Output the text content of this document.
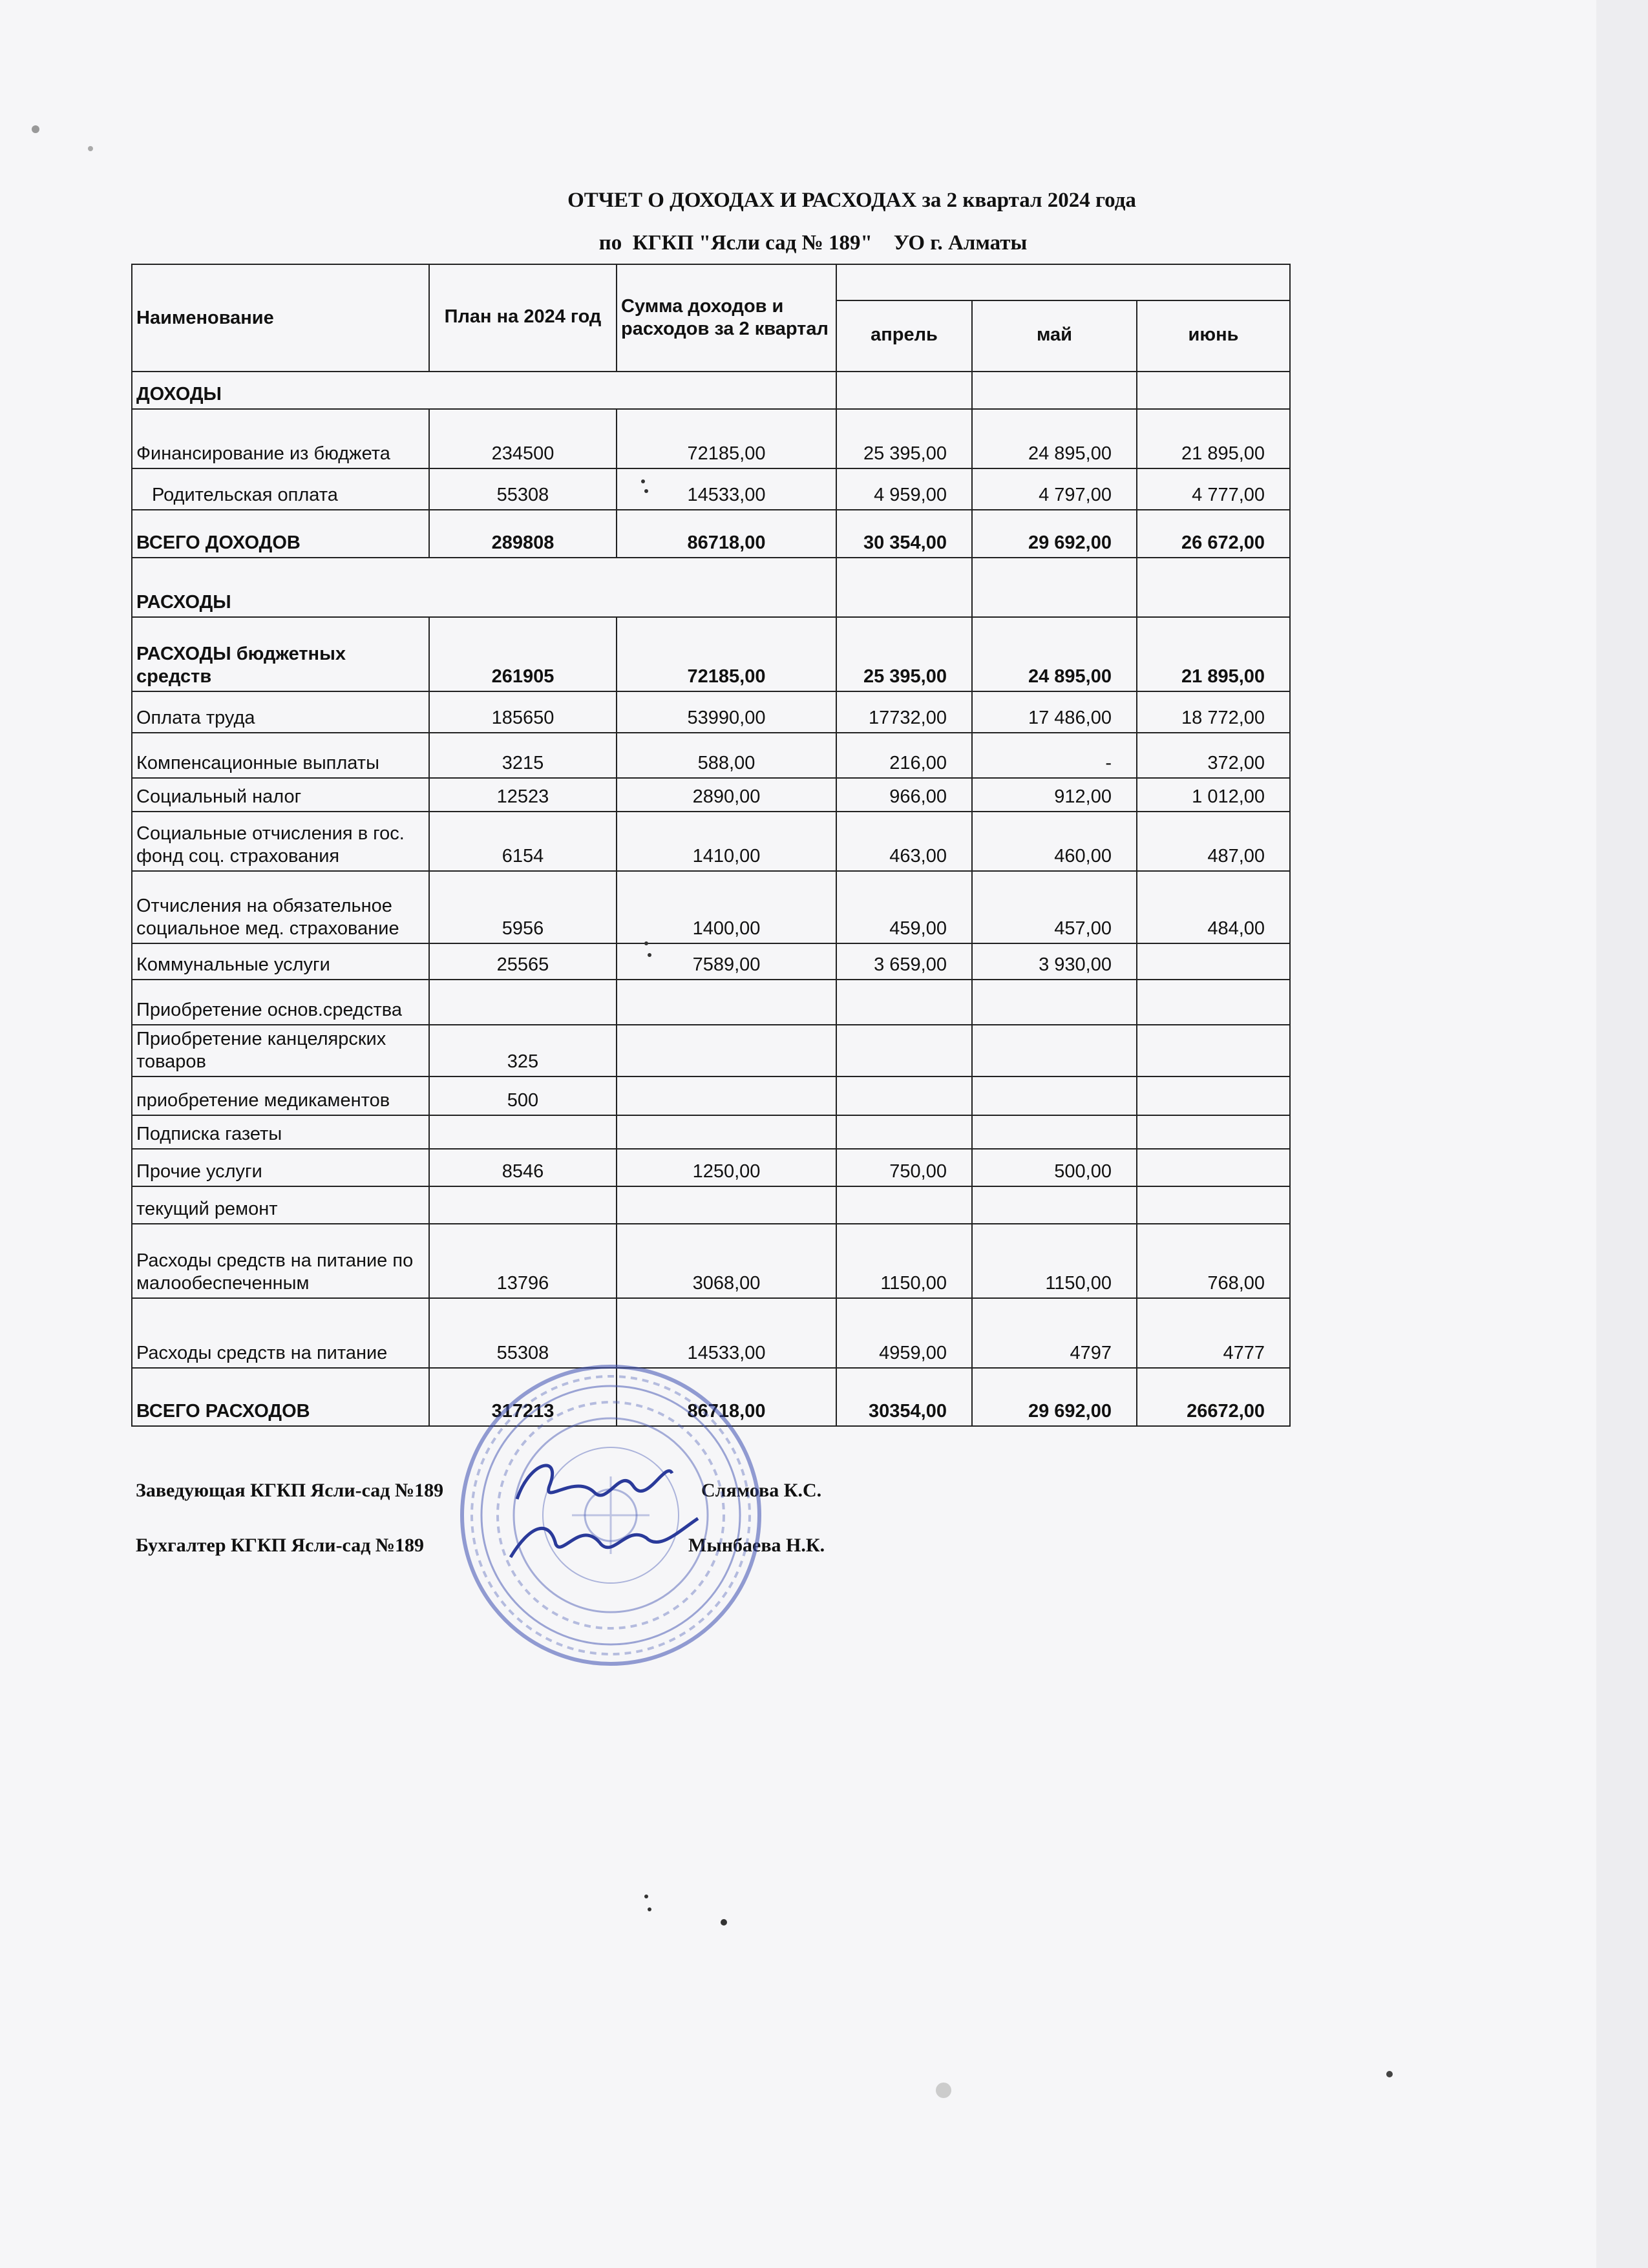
ОТЧЕТ О ДОХОДАХ И РАСХОДАХ за 2 квартал 2024 года
по  КГКП "Ясли сад № 189"    УО г. Алматы
Наименование	План на 2024 год	Сумма доходов и расходов за 2 квартал			
			апрель	май	июнь
ДОХОДЫ					
Финансирование из бюджета	234500	72185,00	25 395,00	24 895,00	21 895,00
Родительская оплата	55308	14533,00	4 959,00	4 797,00	4 777,00
ВСЕГО ДОХОДОВ	289808	86718,00	30 354,00	29 692,00	26 672,00
РАСХОДЫ					
РАСХОДЫ бюджетных средств	261905	72185,00	25 395,00	24 895,00	21 895,00
Оплата труда	185650	53990,00	17732,00	17 486,00	18 772,00
Компенсационные выплаты	3215	588,00	216,00	-	372,00
Социальный налог	12523	2890,00	966,00	912,00	1 012,00
Социальные отчисления в гос. фонд соц. страхования	6154	1410,00	463,00	460,00	487,00
Отчисления на обязательное социальное мед. страхование	5956	1400,00	459,00	457,00	484,00
Коммунальные услуги	25565	7589,00	3 659,00	3 930,00	
Приобретение основ.средства					
Приобретение канцелярских товаров	325				
приобретение медикаментов	500				
Подписка газеты					
Прочие услуги	8546	1250,00	750,00	500,00	
текущий ремонт					
Расходы средств на питание по малообеспеченным	13796	3068,00	1150,00	1150,00	768,00
Расходы средств на питание	55308	14533,00	4959,00	4797	4777
ВСЕГО РАСХОДОВ	317213	86718,00	30354,00	29 692,00	26672,00
Заведующая КГКП Ясли-сад №189	Слямова К.С.
Бухгалтер КГКП Ясли-сад №189	Мынбаева Н.К.
